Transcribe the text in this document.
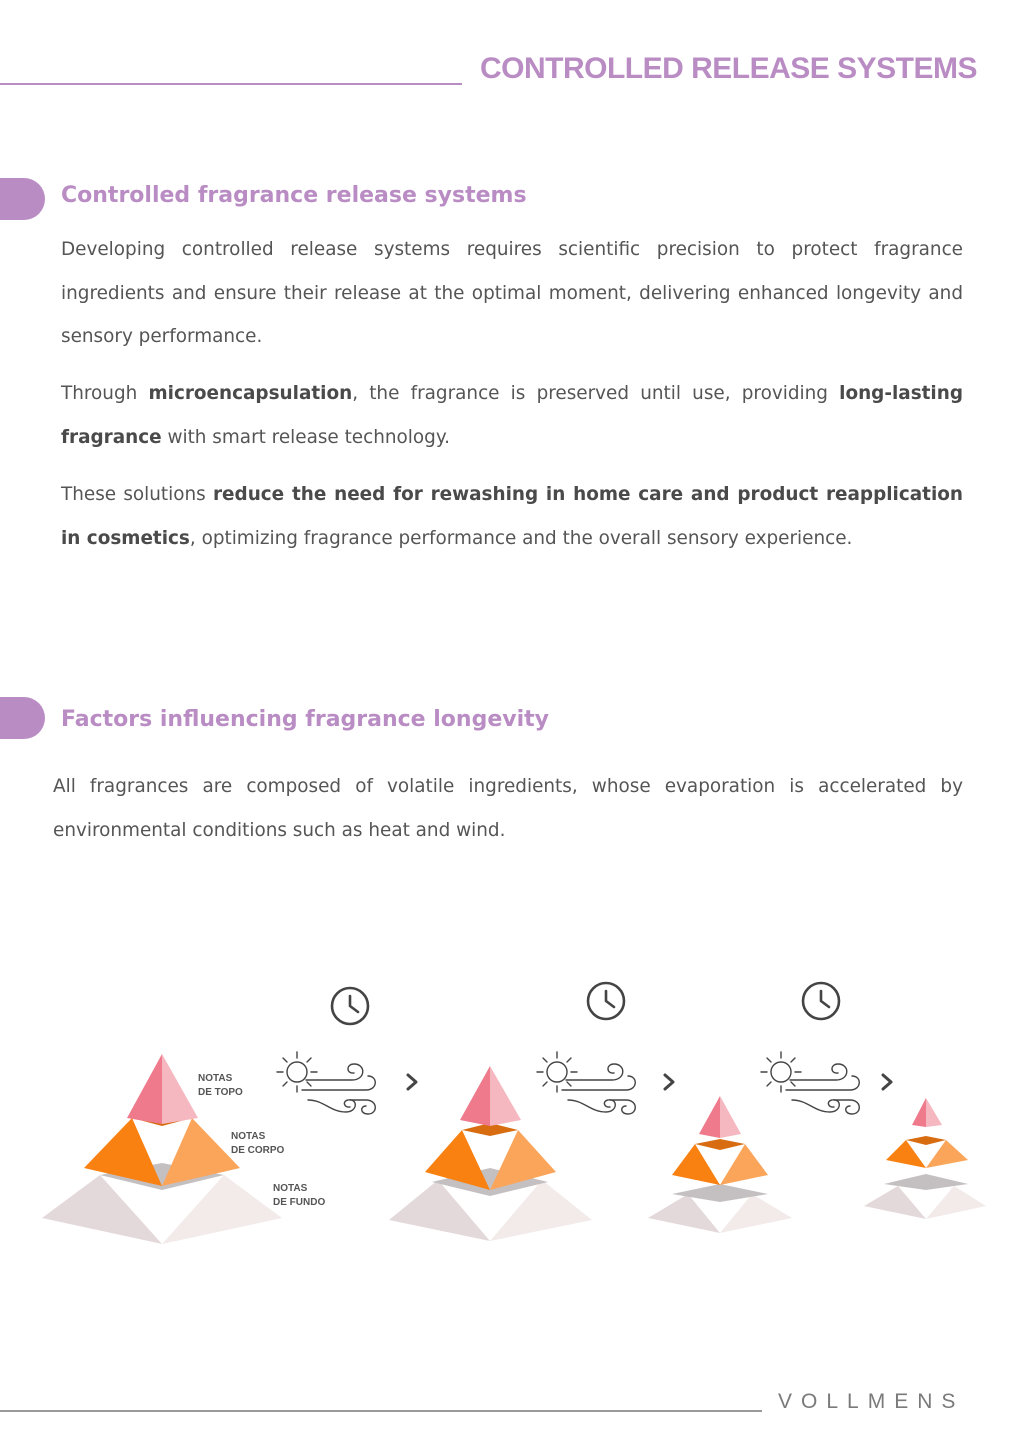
CONTROLLED RELEASE SYSTEMS
Controlled fragrance release systems

Developing controlled release systems requires scientific precision to protect fragrance ingredients and ensure their release at the optimal moment, delivering enhanced longevity and sensory performance.

Through microencapsulation, the fragrance is preserved until use, providing long-lasting fragrance with smart release technology.

These solutions reduce the need for rewashing in home care and product reapplication in cosmetics, optimizing fragrance performance and the overall sensory experience.

Factors influencing fragrance longevity

All fragrances are composed of volatile ingredients, whose evaporation is accelerated by environmental conditions such as heat and wind.

NOTAS
DE TOPO
NOTAS
DE CORPO
NOTAS
DE FUNDO
VOLLMENS
